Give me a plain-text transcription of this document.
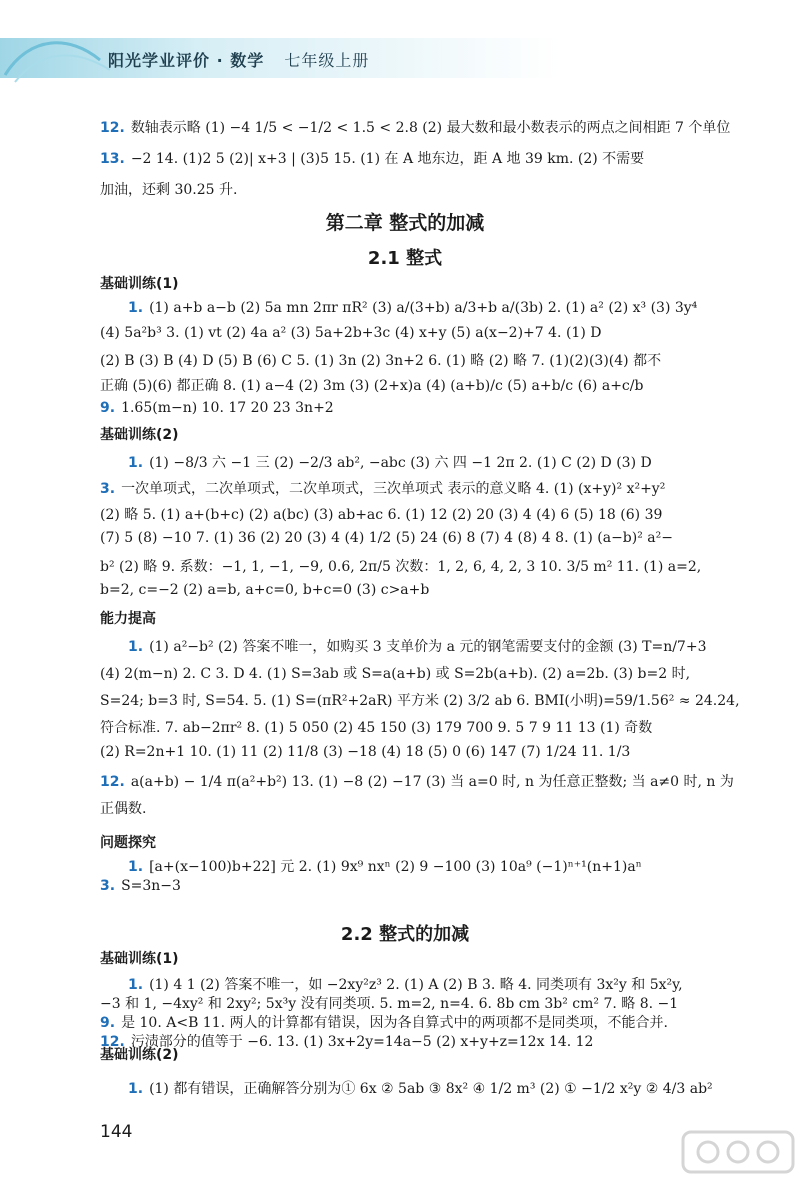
阳光学业评价 · 数学 七年级上册
12. 数轴表示略 (1) −4 1/5 < −1/2 < 1.5 < 2.8 (2) 最大数和最小数表示的两点之间相距 7 个单位
13. −2 14. (1)2 5 (2)| x+3 | (3)5 15. (1) 在 A 地东边，距 A 地 39 km. (2) 不需要
加油，还剩 30.25 升.
第二章 整式的加减
2.1 整式
基础训练(1)
1. (1) a+b a−b (2) 5a mn 2πr πR² (3) a/(3+b) a/3+b a/(3b) 2. (1) a² (2) x³ (3) 3y⁴
(4) 5a²b³ 3. (1) vt (2) 4a a² (3) 5a+2b+3c (4) x+y (5) a(x−2)+7 4. (1) D
(2) B (3) B (4) D (5) B (6) C 5. (1) 3n (2) 3n+2 6. (1) 略 (2) 略 7. (1)(2)(3)(4) 都不
正确 (5)(6) 都正确 8. (1) a−4 (2) 3m (3) (2+x)a (4) (a+b)/c (5) a+b/c (6) a+c/b
9. 1.65(m−n) 10. 17 20 23 3n+2
基础训练(2)
1. (1) −8/3 六 −1 三 (2) −2/3 ab², −abc (3) 六 四 −1 2π 2. (1) C (2) D (3) D
3. 一次单项式，二次单项式，二次单项式，三次单项式 表示的意义略 4. (1) (x+y)² x²+y²
(2) 略 5. (1) a+(b+c) (2) a(bc) (3) ab+ac 6. (1) 12 (2) 20 (3) 4 (4) 6 (5) 18 (6) 39
(7) 5 (8) −10 7. (1) 36 (2) 20 (3) 4 (4) 1/2 (5) 24 (6) 8 (7) 4 (8) 4 8. (1) (a−b)² a²−
b² (2) 略 9. 系数：−1, 1, −1, −9, 0.6, 2π/5 次数：1, 2, 6, 4, 2, 3 10. 3/5 m² 11. (1) a=2,
b=2, c=−2 (2) a=b, a+c=0, b+c=0 (3) c>a+b
能力提高
1. (1) a²−b² (2) 答案不唯一，如购买 3 支单价为 a 元的钢笔需要支付的金额 (3) T=n/7+3
(4) 2(m−n) 2. C 3. D 4. (1) S=3ab 或 S=a(a+b) 或 S=2b(a+b). (2) a=2b. (3) b=2 时,
S=24; b=3 时, S=54. 5. (1) S=(πR²+2aR) 平方米 (2) 3/2 ab 6. BMI(小明)=59/1.56² ≈ 24.24,
符合标准. 7. ab−2πr² 8. (1) 5 050 (2) 45 150 (3) 179 700 9. 5 7 9 11 13 (1) 奇数
(2) R=2n+1 10. (1) 11 (2) 11/8 (3) −18 (4) 18 (5) 0 (6) 147 (7) 1/24 11. 1/3
12. a(a+b) − 1/4 π(a²+b²) 13. (1) −8 (2) −17 (3) 当 a=0 时, n 为任意正整数; 当 a≠0 时, n 为
正偶数.
问题探究
1. [a+(x−100)b+22] 元 2. (1) 9x⁹ nxⁿ (2) 9 −100 (3) 10a⁹ (−1)ⁿ⁺¹(n+1)aⁿ
3. S=3n−3
2.2 整式的加减
基础训练(1)
1. (1) 4 1 (2) 答案不唯一，如 −2xy²z³ 2. (1) A (2) B 3. 略 4. 同类项有 3x²y 和 5x²y,
−3 和 1, −4xy² 和 2xy²; 5x³y 没有同类项. 5. m=2, n=4. 6. 8b cm 3b² cm² 7. 略 8. −1
9. 是 10. A<B 11. 两人的计算都有错误，因为各自算式中的两项都不是同类项，不能合并.
12. 污渍部分的值等于 −6. 13. (1) 3x+2y=14a−5 (2) x+y+z=12x 14. 12
基础训练(2)
1. (1) 都有错误，正确解答分别为① 6x ② 5ab ③ 8x² ④ 1/2 m³ (2) ① −1/2 x²y ② 4/3 ab²
144
